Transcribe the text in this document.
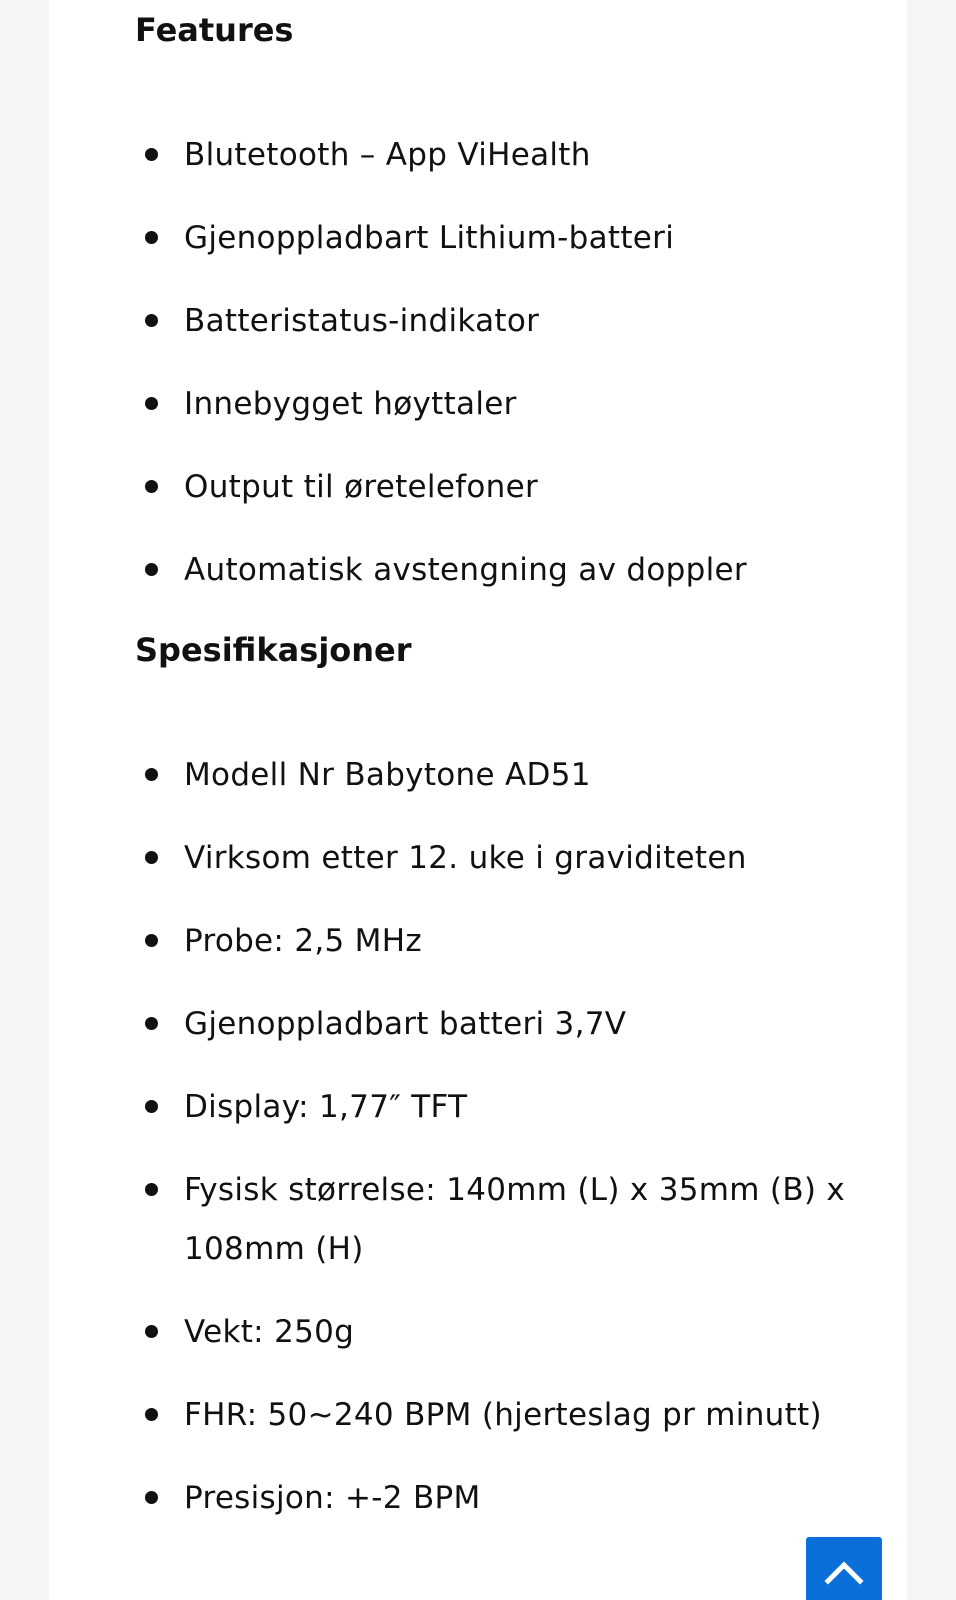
Features
Blutetooth – App ViHealth
Gjenoppladbart Lithium-batteri
Batteristatus-indikator
Innebygget høyttaler
Output til øretelefoner
Automatisk avstengning av doppler
Spesifikasjoner
Modell Nr Babytone AD51
Virksom etter 12. uke i graviditeten
Probe: 2,5 MHz
Gjenoppladbart batteri 3,7V
Display: 1,77″ TFT
Fysisk størrelse: 140mm (L) x 35mm (B) x 108mm (H)
Vekt: 250g
FHR: 50~240 BPM (hjerteslag pr minutt)
Presisjon: +-2 BPM
